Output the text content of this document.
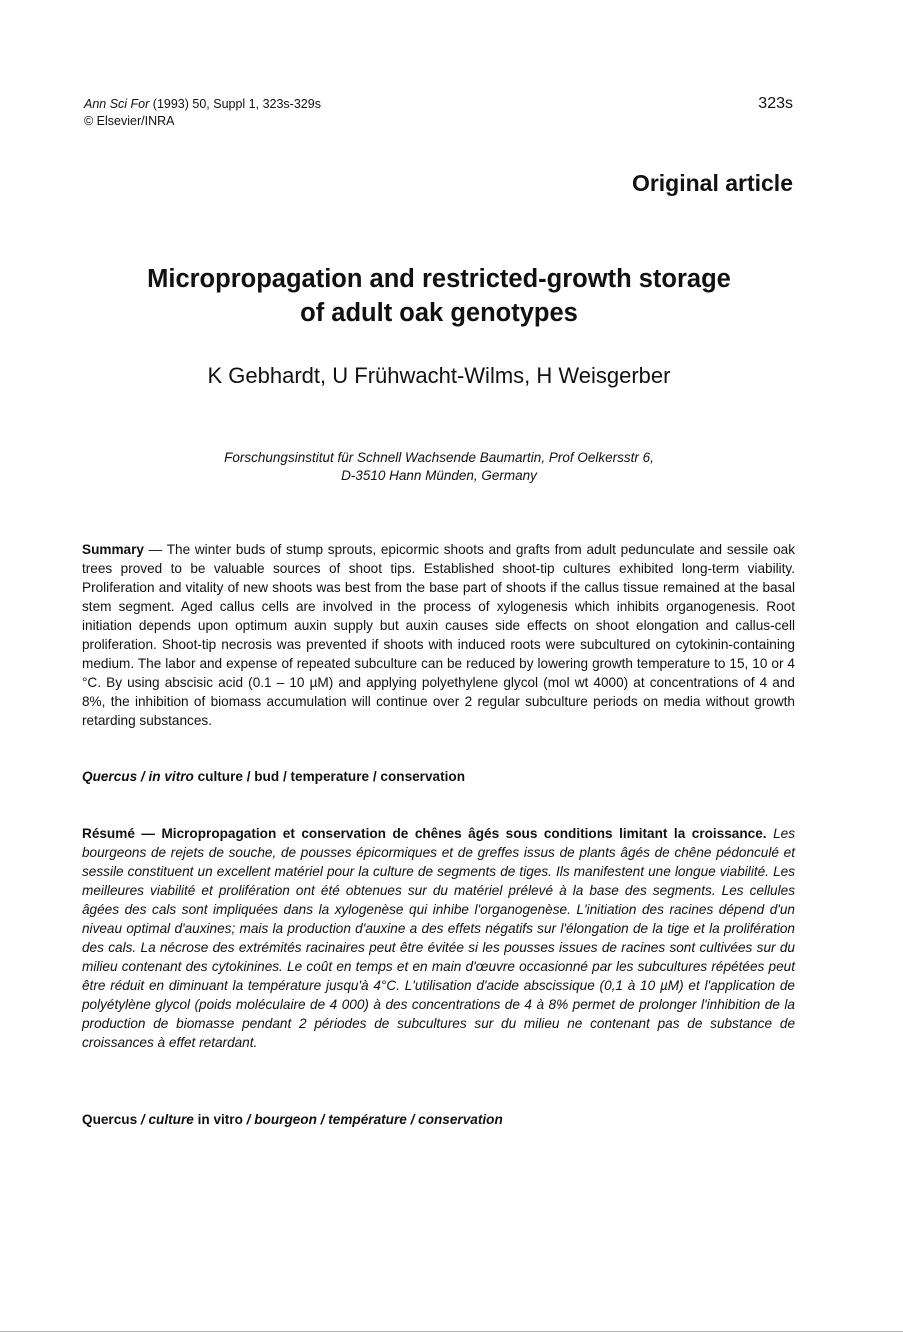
Ann Sci For (1993) 50, Suppl 1, 323s-329s
© Elsevier/INRA
323s
Original article
Micropropagation and restricted-growth storage
of adult oak genotypes
K Gebhardt, U Frühwacht-Wilms, H Weisgerber
Forschungsinstitut für Schnell Wachsende Baumartin, Prof Oelkersstr 6,
D-3510 Hann Münden, Germany
Summary — The winter buds of stump sprouts, epicormic shoots and grafts from adult pedunculate and sessile oak trees proved to be valuable sources of shoot tips. Established shoot-tip cultures exhibited long-term viability. Proliferation and vitality of new shoots was best from the base part of shoots if the callus tissue remained at the basal stem segment. Aged callus cells are involved in the process of xylogenesis which inhibits organogenesis. Root initiation depends upon optimum auxin supply but auxin causes side effects on shoot elongation and callus-cell proliferation. Shoot-tip necrosis was prevented if shoots with induced roots were subcultured on cytokinin-containing medium. The labor and expense of repeated subculture can be reduced by lowering growth temperature to 15, 10 or 4 °C. By using abscisic acid (0.1 – 10 µM) and applying polyethylene glycol (mol wt 4000) at concentrations of 4 and 8%, the inhibition of biomass accumulation will continue over 2 regular subculture periods on media without growth retarding substances.
Quercus / in vitro culture / bud / temperature / conservation
Résumé — Micropropagation et conservation de chênes âgés sous conditions limitant la croissance. Les bourgeons de rejets de souche, de pousses épicormiques et de greffes issus de plants âgés de chêne pédonculé et sessile constituent un excellent matériel pour la culture de segments de tiges. Ils manifestent une longue viabilité. Les meilleures viabilité et prolifération ont été obtenues sur du matériel prélevé à la base des segments. Les cellules âgées des cals sont impliquées dans la xylogenèse qui inhibe l'organogenèse. L'initiation des racines dépend d'un niveau optimal d'auxines; mais la production d'auxine a des effets négatifs sur l'élongation de la tige et la prolifération des cals. La nécrose des extrémités racinaires peut être évitée si les pousses issues de racines sont cultivées sur du milieu contenant des cytokinines. Le coût en temps et en main d'œuvre occasionné par les subcultures répétées peut être réduit en diminuant la température jusqu'à 4°C. L'utilisation d'acide abscissique (0,1 à 10 µM) et l'application de polyétylène glycol (poids moléculaire de 4 000) à des concentrations de 4 à 8% permet de prolonger l'inhibition de la production de biomasse pendant 2 périodes de subcultures sur du milieu ne contenant pas de substance de croissances à effet retardant.
Quercus / culture in vitro / bourgeon / température / conservation
